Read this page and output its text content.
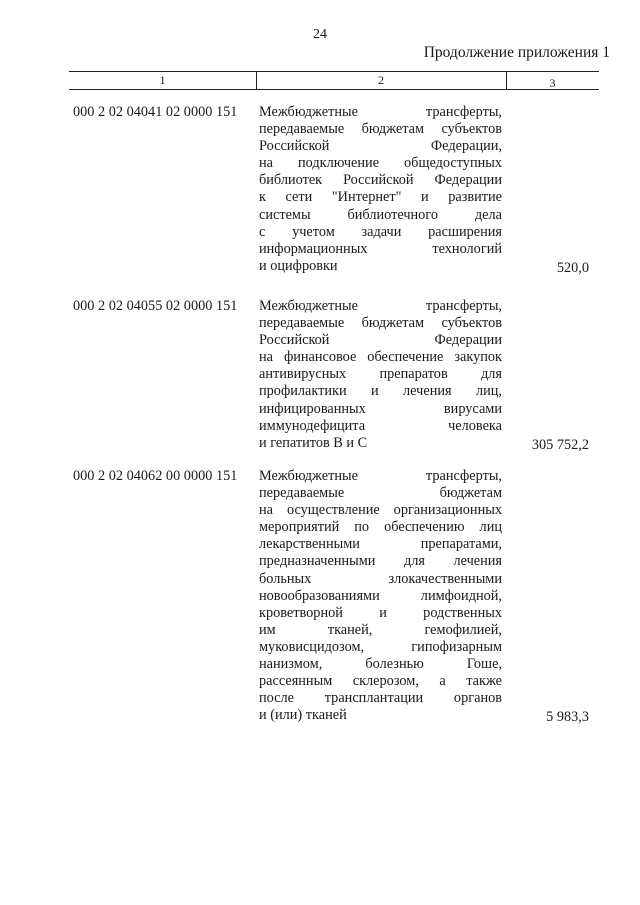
24
Продолжение приложения 1
1	2	3
000 2 02 04041 02 0000 151 Межбюджетные трансферты,
передаваемые бюджетам субъектов
Российской Федерации,
на подключение общедоступных
библиотек Российской Федерации
к сети "Интернет" и развитие
системы библиотечного дела
с учетом задачи расширения
информационных технологий
и оцифровки	520,0
000 2 02 04055 02 0000 151 Межбюджетные трансферты,
передаваемые бюджетам субъектов
Российской Федерации
на финансовое обеспечение закупок
антивирусных препаратов для
профилактики и лечения лиц,
инфицированных вирусами
иммунодефицита человека
и гепатитов В и С	305 752,2
000 2 02 04062 00 0000 151 Межбюджетные трансферты,
передаваемые бюджетам
на осуществление организационных
мероприятий по обеспечению лиц
лекарственными препаратами,
предназначенными для лечения
больных злокачественными
новообразованиями лимфоидной,
кроветворной и родственных
им тканей, гемофилией,
муковисцидозом, гипофизарным
нанизмом, болезнью Гоше,
рассеянным склерозом, а также
после трансплантации органов
и (или) тканей	5 983,3
